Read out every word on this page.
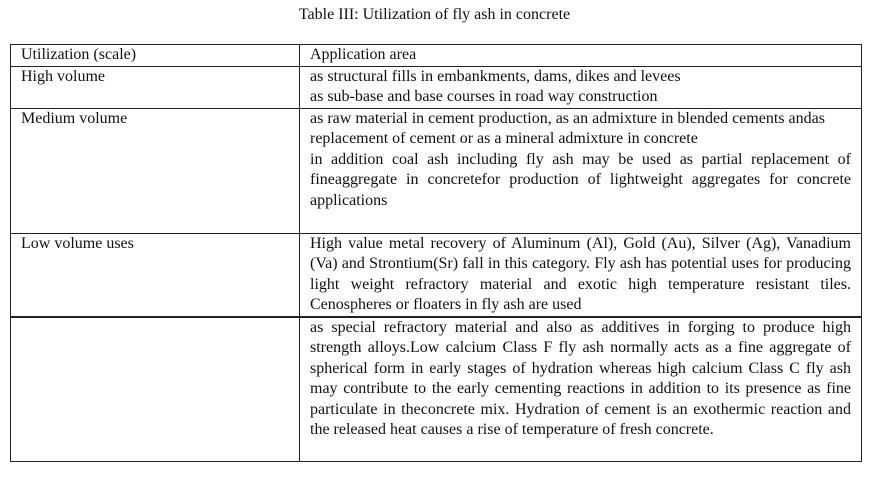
Table III: Utilization of fly ash in concrete
Utilization (scale)	Application area
High volume	as structural fills in embankments, dams, dikes and levees
as sub-base and base courses in road way construction

Medium volume	as raw material in cement production, as an admixture in blended cements andas replacement of cement or as a mineral admixture in concrete
in addition coal ash including fly ash may be used as partial replacement of fineaggregate in concretefor production of lightweight aggregates for concrete applications

Low volume uses	High value metal recovery of Aluminum (Al), Gold (Au), Silver (Ag), Vanadium (Va) and Strontium(Sr) fall in this category. Fly ash has potential uses for producing light weight refractory material and exotic high temperature resistant tiles. Cenospheres or floaters in fly ash are used

	as special refractory material and also as additives in forging to produce high strength alloys.Low calcium Class F fly ash normally acts as a fine aggregate of spherical form in early stages of hydration whereas high calcium Class C fly ash may contribute to the early cementing reactions in addition to its presence as fine particulate in theconcrete mix. Hydration of cement is an exothermic reaction and the released heat causes a rise of temperature of fresh concrete.
